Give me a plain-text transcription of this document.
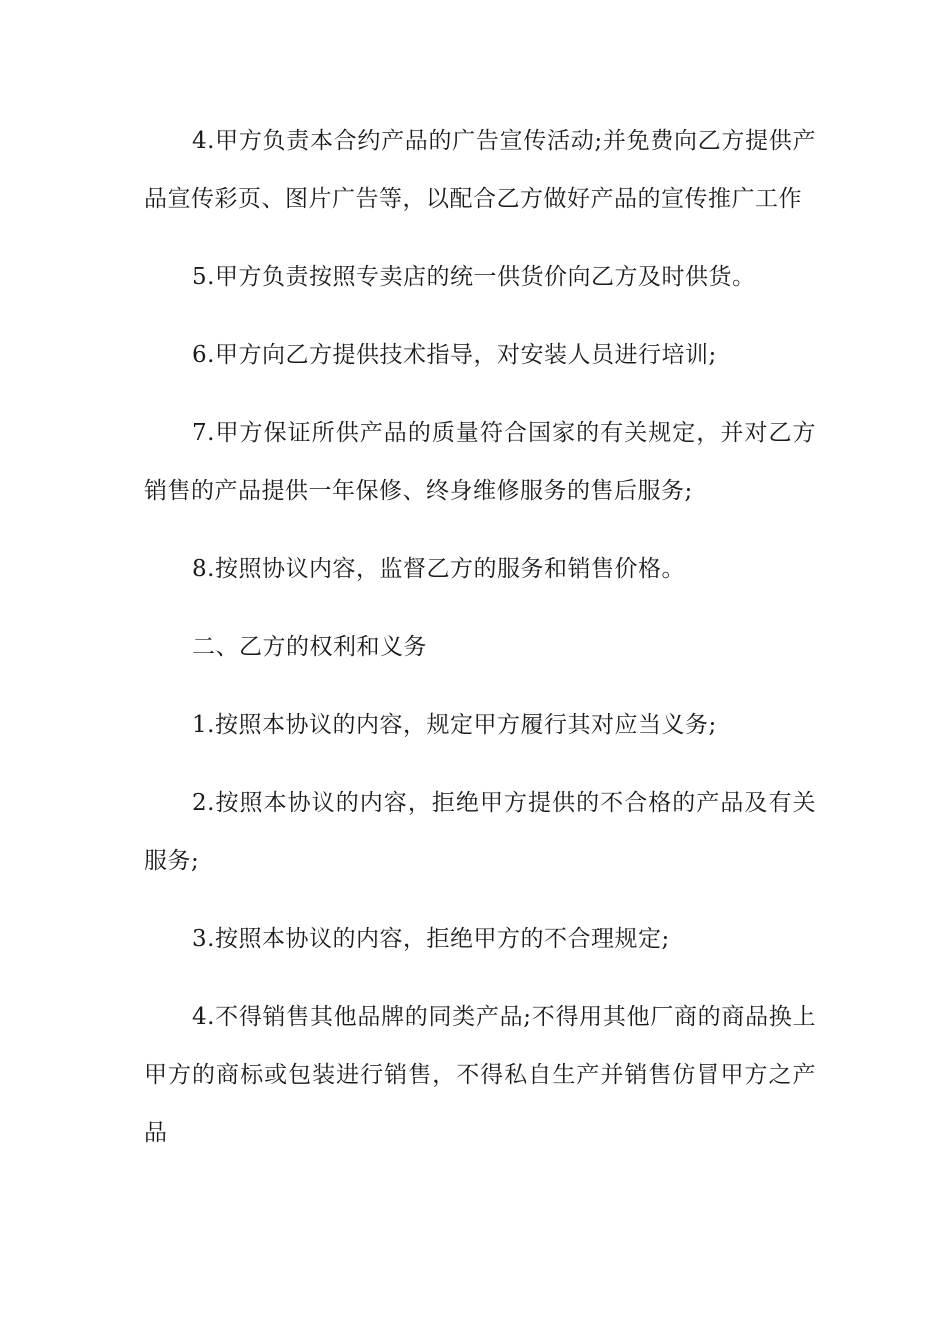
4.甲方负责本合约产品的广告宣传活动;并免费向乙方提供产品宣传彩页、图片广告等，以配合乙方做好产品的宣传推广工作

5.甲方负责按照专卖店的统一供货价向乙方及时供货。

6.甲方向乙方提供技术指导，对安装人员进行培训;

7.甲方保证所供产品的质量符合国家的有关规定，并对乙方销售的产品提供一年保修、终身维修服务的售后服务;

8.按照协议内容，监督乙方的服务和销售价格。

二、乙方的权利和义务

1.按照本协议的内容，规定甲方履行其对应当义务;

2.按照本协议的内容，拒绝甲方提供的不合格的产品及有关服务;

3.按照本协议的内容，拒绝甲方的不合理规定;

4.不得销售其他品牌的同类产品;不得用其他厂商的商品换上甲方的商标或包装进行销售，不得私自生产并销售仿冒甲方之产品
